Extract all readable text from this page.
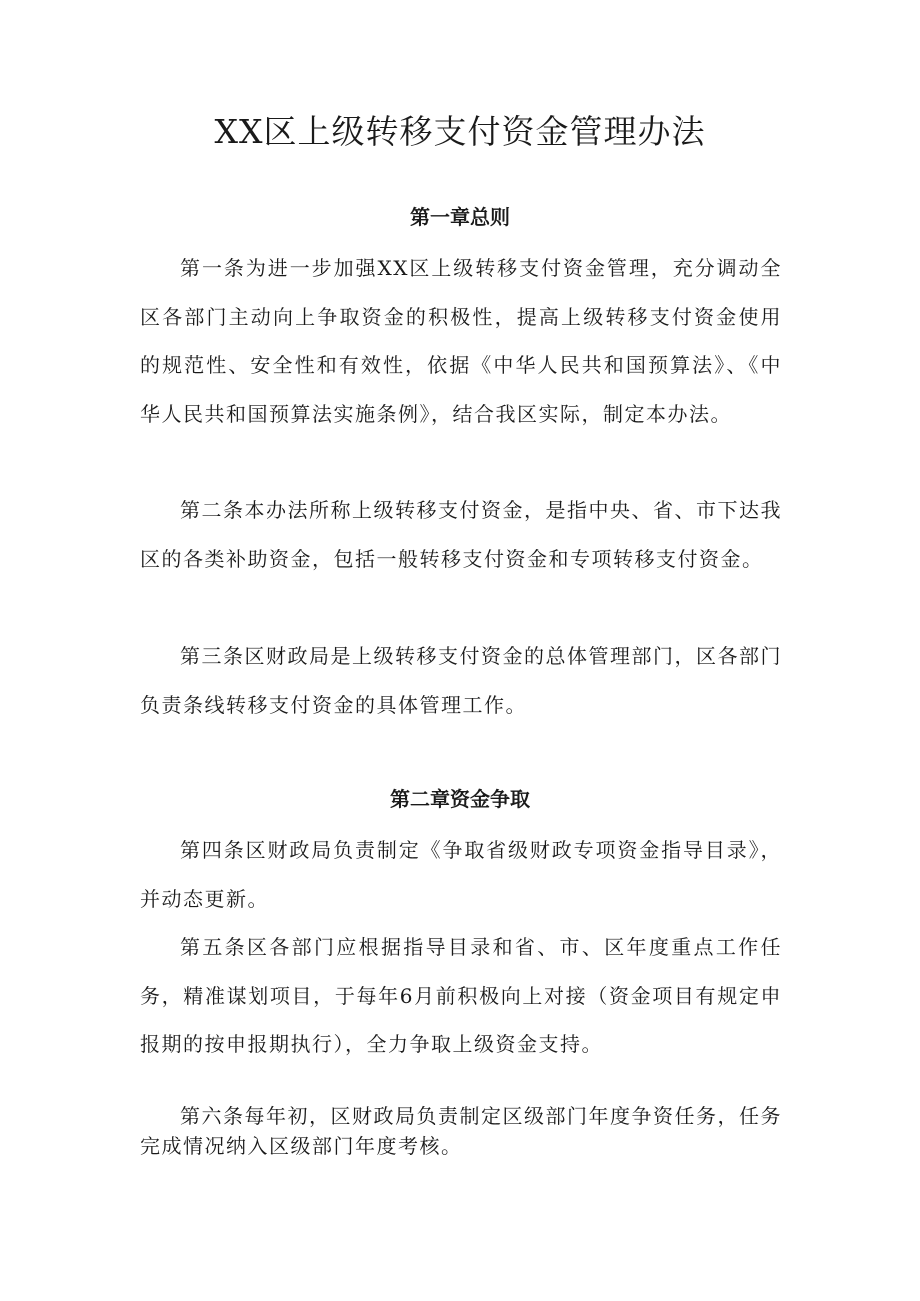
XX区上级转移支付资金管理办法
第一章总则

第一条为进一步加强XX区上级转移支付资金管理，充分调动全区各部门主动向上争取资金的积极性，提高上级转移支付资金使用的规范性、安全性和有效性，依据《中华人民共和国预算法》、《中华人民共和国预算法实施条例》，结合我区实际，制定本办法。

第二条本办法所称上级转移支付资金，是指中央、省、市下达我区的各类补助资金，包括一般转移支付资金和专项转移支付资金。

第三条区财政局是上级转移支付资金的总体管理部门，区各部门负责条线转移支付资金的具体管理工作。

第二章资金争取

第四条区财政局负责制定《争取省级财政专项资金指导目录》，并动态更新。

第五条区各部门应根据指导目录和省、市、区年度重点工作任务，精准谋划项目，于每年6月前积极向上对接（资金项目有规定申报期的按申报期执行），全力争取上级资金支持。

第六条每年初，区财政局负责制定区级部门年度争资任务，任务完成情况纳入区级部门年度考核。
